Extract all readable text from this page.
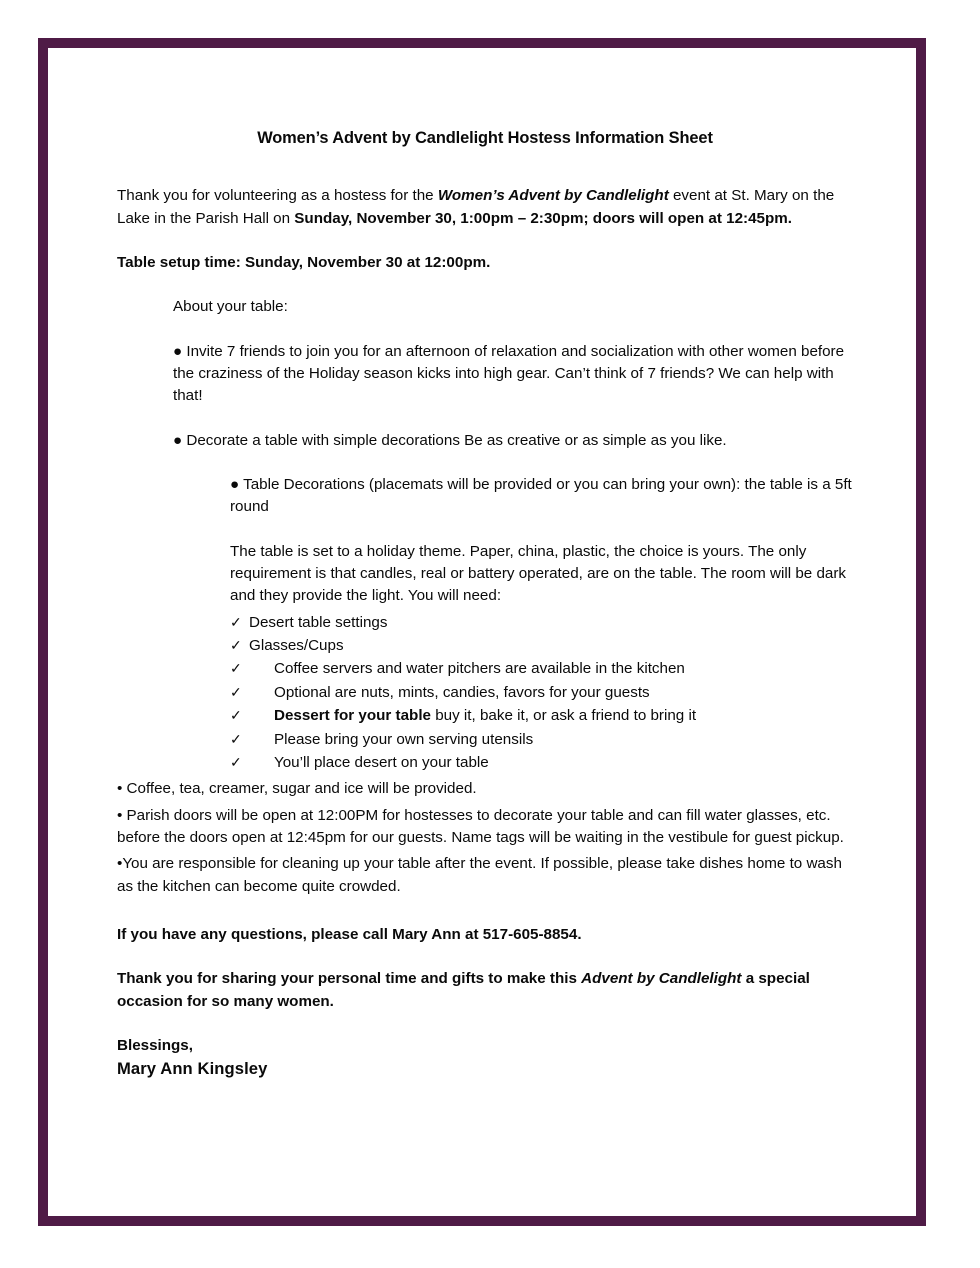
Women’s Advent by Candlelight Hostess Information Sheet

Thank you for volunteering as a hostess for the Women’s Advent by Candlelight event at St. Mary on the Lake in the Parish Hall on Sunday, November 30, 1:00pm – 2:30pm; doors will open at 12:45pm.

Table setup time: Sunday, November 30 at 12:00pm.

About your table:

● Invite 7 friends to join you for an afternoon of relaxation and socialization with other women before the craziness of the Holiday season kicks into high gear. Can’t think of 7 friends? We can help with that!

● Decorate a table with simple decorations Be as creative or as simple as you like.

● Table Decorations (placemats will be provided or you can bring your own): the table is a 5ft round

The table is set to a holiday theme. Paper, china, plastic, the choice is yours. The only requirement is that candles, real or battery operated, are on the table. The room will be dark and they provide the light. You will need:

✓ Desert table settings
✓ Glasses/Cups
✓ Coffee servers and water pitchers are available in the kitchen
✓ Optional are nuts, mints, candies, favors for your guests
✓ Dessert for your table buy it, bake it, or ask a friend to bring it
✓ Please bring your own serving utensils
✓ You’ll place desert on your table

• Coffee, tea, creamer, sugar and ice will be provided.

• Parish doors will be open at 12:00PM for hostesses to decorate your table and can fill water glasses, etc. before the doors open at 12:45pm for our guests. Name tags will be waiting in the vestibule for guest pickup.

•You are responsible for cleaning up your table after the event. If possible, please take dishes home to wash as the kitchen can become quite crowded.

If you have any questions, please call Mary Ann at 517-605-8854.

Thank you for sharing your personal time and gifts to make this Advent by Candlelight a special occasion for so many women.

Blessings,

Mary Ann Kingsley
